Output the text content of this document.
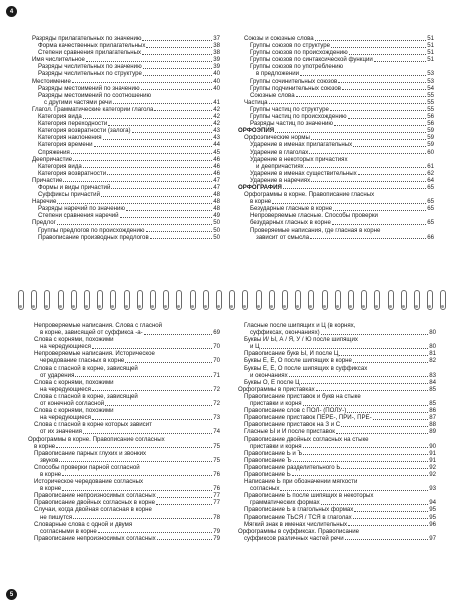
4
Разряды прилагательных по значению	37
Форма качественных прилагательных	38
Степени сравнения прилагательных	38
Имя числительное	39
Разряды числительных по значению	39
Разряды числительных по структуре	40
Местоимение	40
Разряды местоимений по значению	40
Разряды местоимений по соотношению
с другими частями речи	41
Глагол. Грамматические категории глагола	42
Категория вида	42
Категория переходности	42
Категория возвратности (залога)	43
Категория наклонения	43
Категория времени	44
Спряжения	45
Деепричастие	46
Категория вида	46
Категория возвратности	46
Причастие	47
Формы и виды причастий	47
Суффиксы причастий	48
Наречие	48
Разряды наречий по значению	48
Степени сравнения наречий	49
Предлог	50
Группы предлогов по происхождению	50
Правописание производных предлогов	50
Союзы и союзные слова	51
Группы союзов по структуре	51
Группы союзов по происхождению	51
Группы союзов по синтаксической функции	51
Группы союзов по употреблению
в предложении	53
Группы сочинительных союзов	53
Группы подчинительных союзов	54
Союзные слова	55
Частица	55
Группы частиц по структуре	55
Группы частиц по происхождению	56
Разряды частиц по значению	56
ОРФОЭПИЯ	59
Орфоэпические нормы	59
Ударение в именах прилагательных	59
Ударение в глаголах	60
Ударение в некоторых причастиях
и деепричастиях	61
Ударение в именах существительных	62
Ударение в наречиях	64
ОРФОГРАФИЯ	65
Орфограммы в корне. Правописание гласных
в корне	65
Безударные гласные в корне	65
Непроверяемые гласные. Способы проверки
безударных гласных в корне	65
Проверяемые написания, где гласная в корне
зависит от смысла	66
Непроверяемые написания. Слова с гласной
в корне, зависящей от суффикса -а-	69
Слова с корнями, похожими
на чередующиеся	70
Непроверяемые написания. Историческое
чередование гласных в корне	70
Слова с гласной в корне, зависящей
от ударения	71
Слова с корнями, похожими
на чередующиеся	72
Слова с гласной в корне, зависящей
от конечной согласной	72
Слова с корнями, похожими
на чередующиеся	73
Слова с гласной в корне которых зависит
от их значения	74
Орфограммы в корне. Правописание согласных
в корне	75
Правописание парных глухих и звонких
звуков	75
Способы проверки парной согласной
в корне	76
Историческое чередование согласных
в корне	76
Правописание непроизносимых согласных	77
Правописание двойных согласных в корне	77
Случаи, когда двойная согласная в корне
не пишутся	78
Словарные слова с одной и двумя
согласными в корне	79
Правописание непроизносимых согласных	79
Гласные после шипящих и Ц (в корнях,
суффиксах, окончаниях)	80
Буквы И/ Ы, А / Я, У / Ю после шипящих
и Ц	80
Правописание букв Ы, И после Ц	81
Буквы Е, Ё, О после шипящих в корне	82
Буквы Е, Ё, О после шипящих в суффиксах
и окончаниях	83
Буквы О, Е после Ц	84
Орфограммы в приставках	85
Правописание приставок и букв на стыке
приставки и корня	85
Правописание слов с ПОЛ- (ПОЛУ-)	86
Правописание приставок ПЕРЕ-, ПРИ-, ПРЕ-	87
Правописание приставок на З и С	88
Гласные Ы и И после приставок	89
Правописание двойных согласных на стыке
приставки и корня	90
Правописание Ь и Ъ	91
Правописание Ъ	91
Правописание разделительного Ь	92
Правописание Ь	92
Написание Ь при обозначении мягкости
согласных	93
Правописание Ь после шипящих в некоторых
грамматических формах	94
Правописание Ь в глагольных формах	95
Правописание ТЬСЯ / ТСЯ в глаголах	95
Мягкий знак в именах числительных	96
Орфограммы в суффиксах. Правописание
суффиксов различных частей речи	97
5
